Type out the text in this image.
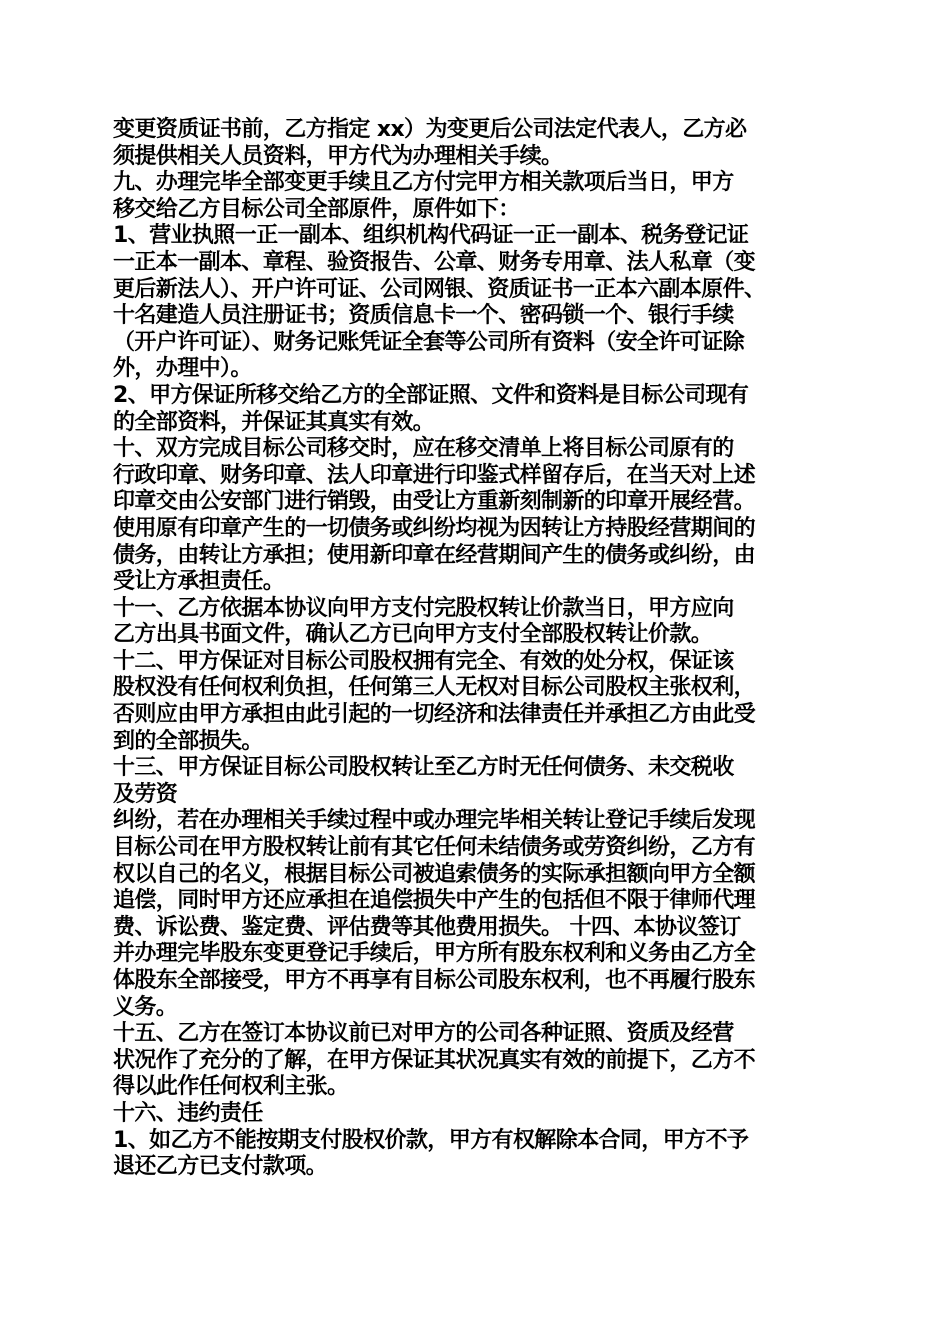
变更资质证书前，乙方指定 xx）为变更后公司法定代表人，乙方必

须提供相关人员资料，甲方代为办理相关手续。

九、办理完毕全部变更手续且乙方付完甲方相关款项后当日，甲方

移交给乙方目标公司全部原件，原件如下：

1、营业执照一正一副本、组织机构代码证一正一副本、税务登记证

一正本一副本、章程、验资报告、公章、财务专用章、法人私章（变

更后新法人）、开户许可证、公司网银、资质证书一正本六副本原件、

十名建造人员注册证书；资质信息卡一个、密码锁一个、银行手续

（开户许可证）、财务记账凭证全套等公司所有资料（安全许可证除

外，办理中）。

2、甲方保证所移交给乙方的全部证照、文件和资料是目标公司现有

的全部资料，并保证其真实有效。

十、双方完成目标公司移交时，应在移交清单上将目标公司原有的

行政印章、财务印章、法人印章进行印鉴式样留存后，在当天对上述

印章交由公安部门进行销毁，由受让方重新刻制新的印章开展经营。

使用原有印章产生的一切债务或纠纷均视为因转让方持股经营期间的

债务，由转让方承担；使用新印章在经营期间产生的债务或纠纷，由

受让方承担责任。

十一、乙方依据本协议向甲方支付完股权转让价款当日，甲方应向

乙方出具书面文件，确认乙方已向甲方支付全部股权转让价款。

十二、甲方保证对目标公司股权拥有完全、有效的处分权，保证该

股权没有任何权利负担，任何第三人无权对目标公司股权主张权利，

否则应由甲方承担由此引起的一切经济和法律责任并承担乙方由此受

到的全部损失。

十三、甲方保证目标公司股权转让至乙方时无任何债务、未交税收

及劳资

纠纷，若在办理相关手续过程中或办理完毕相关转让登记手续后发现

目标公司在甲方股权转让前有其它任何未结债务或劳资纠纷，乙方有

权以自己的名义，根据目标公司被追索债务的实际承担额向甲方全额

追偿，同时甲方还应承担在追偿损失中产生的包括但不限于律师代理

费、诉讼费、鉴定费、评估费等其他费用损失。 十四、本协议签订

并办理完毕股东变更登记手续后，甲方所有股东权利和义务由乙方全

体股东全部接受，甲方不再享有目标公司股东权利，也不再履行股东

义务。

十五、乙方在签订本协议前已对甲方的公司各种证照、资质及经营

状况作了充分的了解，在甲方保证其状况真实有效的前提下，乙方不

得以此作任何权利主张。

十六、违约责任

1、如乙方不能按期支付股权价款，甲方有权解除本合同，甲方不予

退还乙方已支付款项。
